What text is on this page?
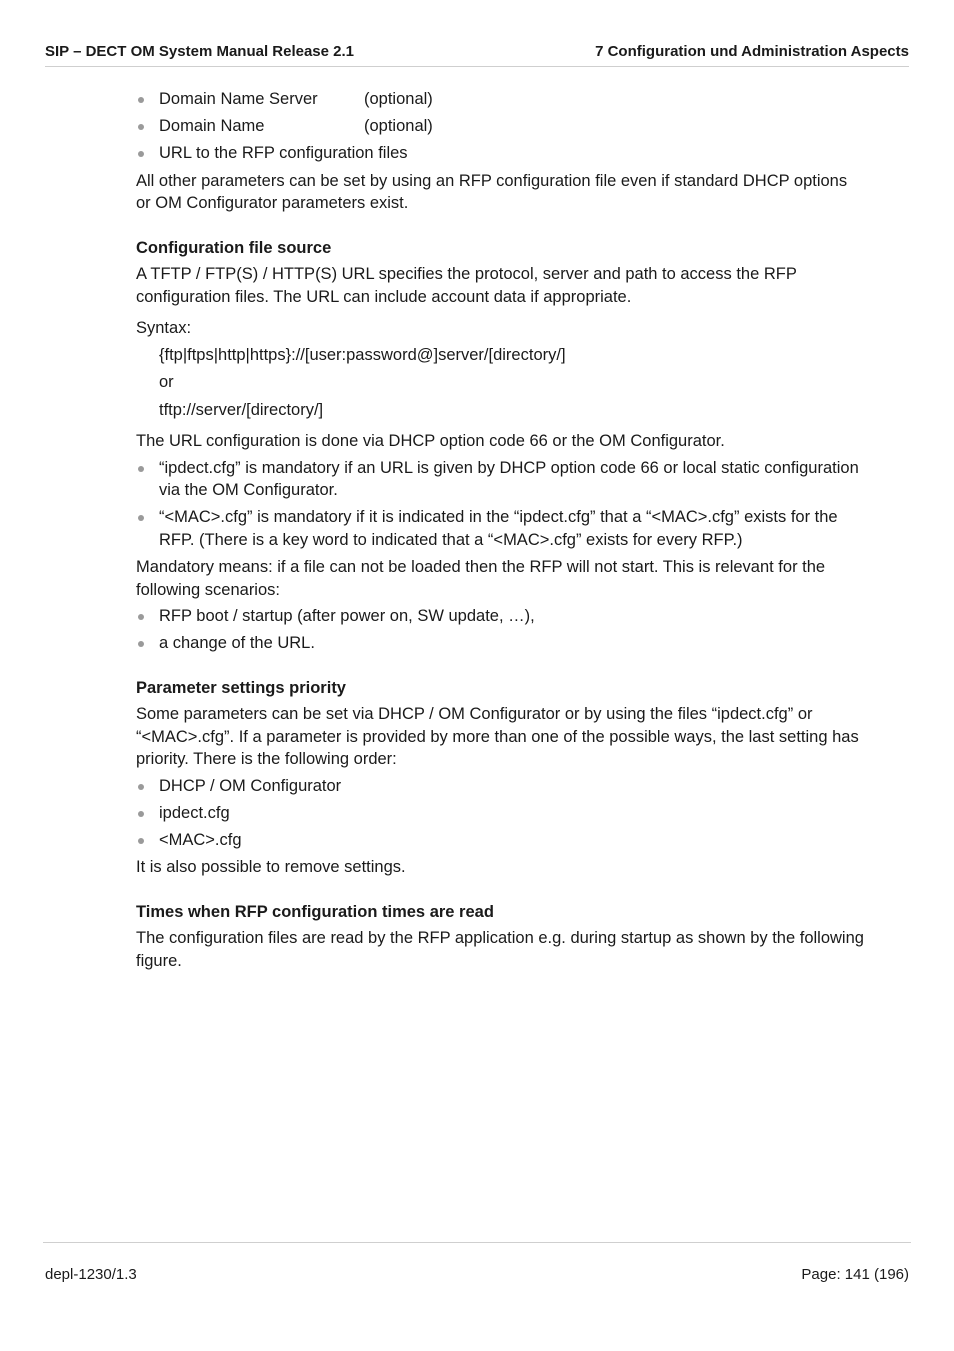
SIP – DECT OM System Manual Release 2.1	7 Configuration und Administration Aspects
Domain Name Server	(optional)
Domain Name	(optional)
URL to the RFP configuration files

All other parameters can be set by using an RFP configuration file even if standard DHCP options or OM Configurator parameters exist.

Configuration file source

A TFTP / FTP(S) / HTTP(S) URL specifies the protocol, server and path to access the RFP configuration files. The URL can include account data if appropriate.

Syntax:

{ftp|ftps|http|https}://[user:password@]server/[directory/]
or
tftp://server/[directory/]

The URL configuration is done via DHCP option code 66 or the OM Configurator.

“ipdect.cfg” is mandatory if an URL is given by DHCP option code 66 or local static configuration via the OM Configurator.
“<MAC>.cfg” is mandatory if it is indicated in the “ipdect.cfg” that a “<MAC>.cfg” exists for the RFP. (There is a key word to indicated that a “<MAC>.cfg” exists for every RFP.)

Mandatory means: if a file can not be loaded then the RFP will not start. This is relevant for the following scenarios:

RFP boot / startup (after power on, SW update, …),
a change of the URL.
Parameter settings priority

Some parameters can be set via DHCP / OM Configurator or by using the files “ipdect.cfg” or “<MAC>.cfg”. If a parameter is provided by more than one of the possible ways, the last setting has priority. There is the following order:

DHCP / OM Configurator
ipdect.cfg
<MAC>.cfg

It is also possible to remove settings.

Times when RFP configuration times are read

The configuration files are read by the RFP application e.g. during startup as shown by the following figure.

depl-1230/1.3	Page: 141 (196)
